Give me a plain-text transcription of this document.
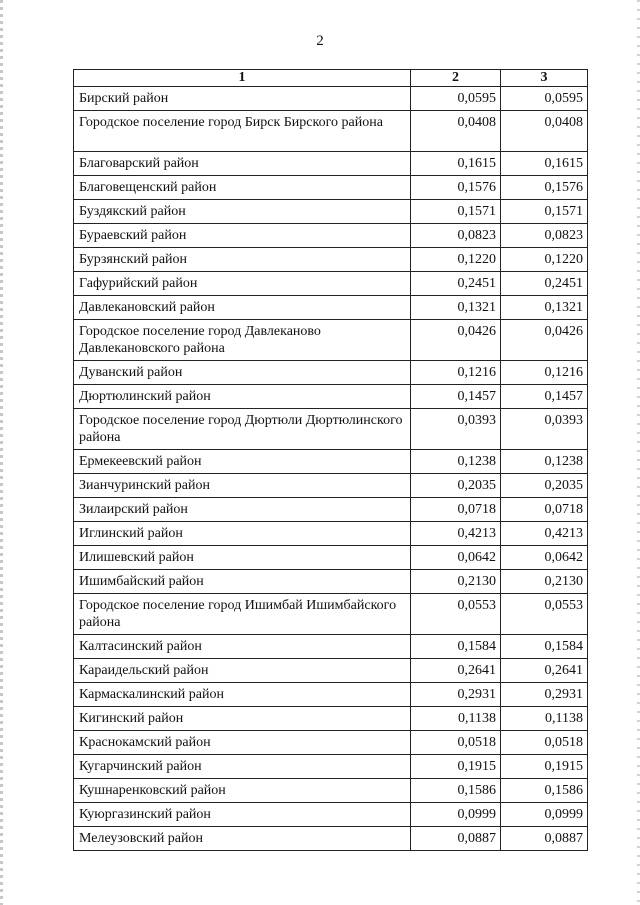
2
1	2	3
Бирский район	0,0595	0,0595
Городское поселение город Бирск Бирского района	0,0408	0,0408
Благоварский район	0,1615	0,1615
Благовещенский район	0,1576	0,1576
Буздякский район	0,1571	0,1571
Бураевский район	0,0823	0,0823
Бурзянский район	0,1220	0,1220
Гафурийский район	0,2451	0,2451
Давлекановский район	0,1321	0,1321
Городское поселение город Давлеканово Давлекановского района	0,0426	0,0426
Дуванский район	0,1216	0,1216
Дюртюлинский район	0,1457	0,1457
Городское поселение город Дюртюли Дюртюлинского района	0,0393	0,0393
Ермекеевский район	0,1238	0,1238
Зианчуринский район	0,2035	0,2035
Зилаирский район	0,0718	0,0718
Иглинский район	0,4213	0,4213
Илишевский район	0,0642	0,0642
Ишимбайский район	0,2130	0,2130
Городское поселение город Ишимбай Ишимбайского района	0,0553	0,0553
Калтасинский район	0,1584	0,1584
Караидельский район	0,2641	0,2641
Кармаскалинский район	0,2931	0,2931
Кигинский район	0,1138	0,1138
Краснокамский район	0,0518	0,0518
Кугарчинский район	0,1915	0,1915
Кушнаренковский район	0,1586	0,1586
Куюргазинский район	0,0999	0,0999
Мелеузовский район	0,0887	0,0887
